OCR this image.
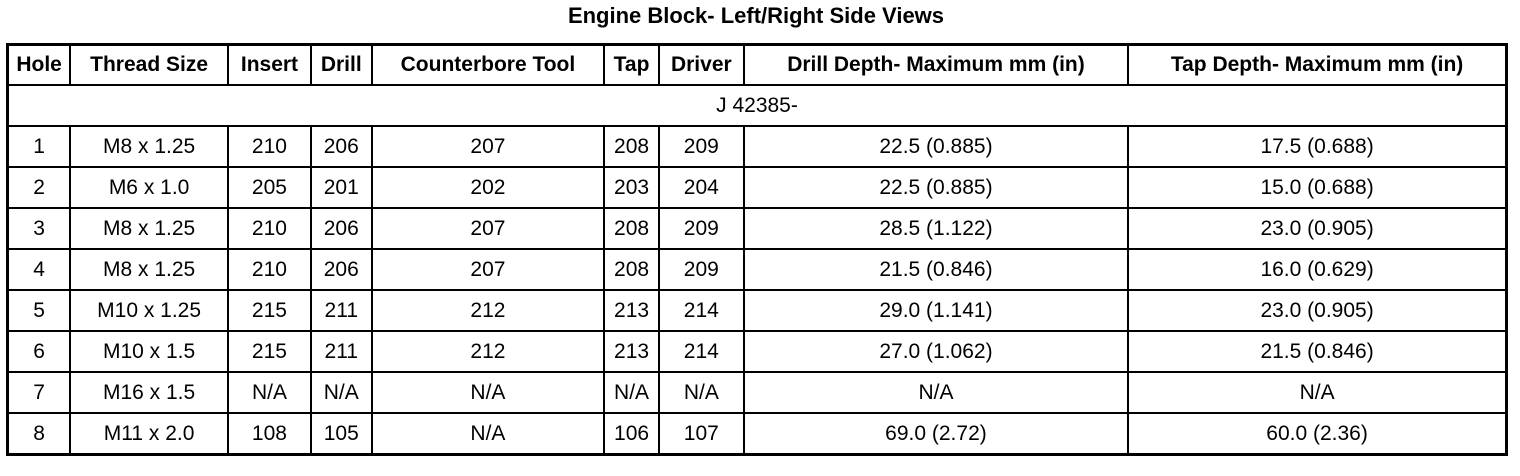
Engine Block- Left/Right Side Views
Hole	Thread Size	Insert	Drill	Counterbore Tool	Tap	Driver	Drill Depth- Maximum mm (in)	Tap Depth- Maximum mm (in)
J 42385-								
1	M8 x 1.25	210	206	207	208	209	22.5 (0.885)	17.5 (0.688)
2	M6 x 1.0	205	201	202	203	204	22.5 (0.885)	15.0 (0.688)
3	M8 x 1.25	210	206	207	208	209	28.5 (1.122)	23.0 (0.905)
4	M8 x 1.25	210	206	207	208	209	21.5 (0.846)	16.0 (0.629)
5	M10 x 1.25	215	211	212	213	214	29.0 (1.141)	23.0 (0.905)
6	M10 x 1.5	215	211	212	213	214	27.0 (1.062)	21.5 (0.846)
7	M16 x 1.5	N/A	N/A	N/A	N/A	N/A	N/A	N/A
8	M11 x 2.0	108	105	N/A	106	107	69.0 (2.72)	60.0 (2.36)
